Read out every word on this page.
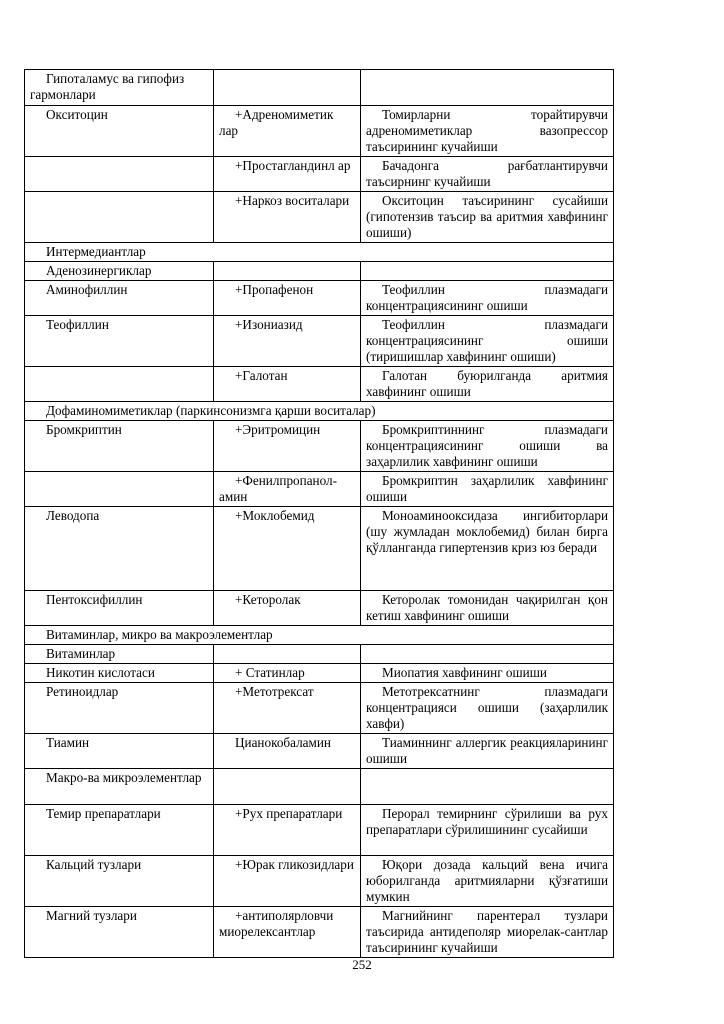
Гипоталамус ва гипофиз гармонлари		
Окситоцин	+Адреномиметик лар	Томирларни торайтирувчи адреномиметиклар вазопрессор таъсирининг кучайиши
	+Простагландинл ар	Бачадонга рағбатлантирувчи таъсирнинг кучайиши
	+Наркоз воситалари	Окситоцин таъсирининг сусайиши (гипотензив таъсир ва аритмия хавфининг ошиши)
Интермедиантлар		
Аденозинергиклар		
Аминофиллин	+Пропафенон	Теофиллин плазмадаги концентрациясининг ошиши
Теофиллин	+Изониазид	Теофиллин плазмадаги концентрациясининг ошиши (тиришишлар хавфининг ошиши)
	+Галотан	Галотан буюрилганда аритмия хавфининг ошиши
Дофаминомиметиклар (паркинсонизмга қарши воситалар)		
Бромкриптин	+Эритромицин	Бромкриптиннинг плазмадаги концентрациясининг ошиши ва заҳарлилик хавфининг ошиши
	+Фенилпропанол-амин	Бромкриптин заҳарлилик хавфининг ошиши
Леводопа	+Моклобемид	Моноаминооксидаза ингибиторлари (шу жумладан моклобемид) билан бирга қўлланганда гипертензив криз юз беради
Пентоксифиллин	+Кеторолак	Кеторолак томонидан чақирилган қон кетиш хавфининг ошиши
Витаминлар, микро ва макроэлементлар		
Витаминлар		
Никотин кислотаси	+ Статинлар	Миопатия хавфининг ошиши
Ретиноидлар	+Метотрексат	Метотрексатнинг плазмадаги концентрацияси ошиши (заҳарлилик хавфи)
Тиамин	Цианокобаламин	Тиаминнинг аллергик реакцияларининг ошиши
Макро-ва микроэлементлар		
Темир препаратлари	+Рух препаратлари	Перорал темирнинг сўрилиши ва рух препаратлари сўрилишининг сусайиши
Кальций тузлари	+Юрак гликозидлари	Юқори дозада кальций вена ичига юборилганда аритмияларни қўзғатиши мумкин
Магний тузлари	+антиполярловчи миорелексантлар	Магнийнинг парентерал тузлари таъсирида антидеполяр миорелак-сантлар таъсирининг кучайиши
252
